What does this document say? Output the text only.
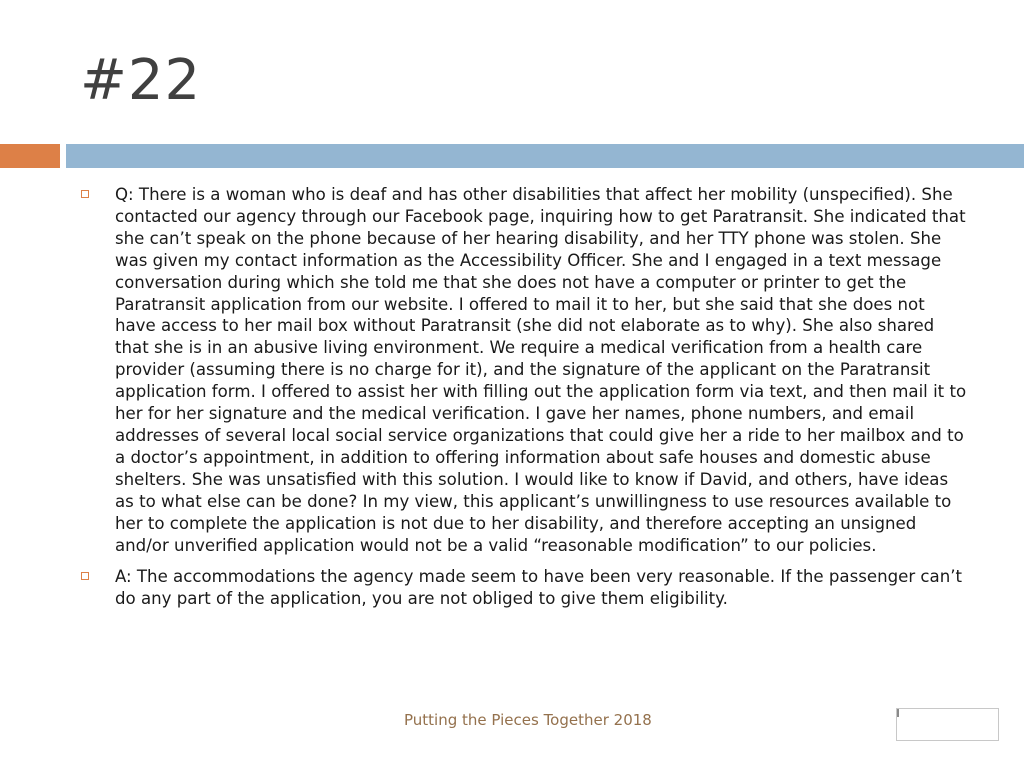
#22
Q: There is a woman who is deaf and has other disabilities that affect her mobility (unspecified). She contacted our agency through our Facebook page, inquiring how to get Paratransit. She indicated that she can’t speak on the phone because of her hearing disability, and her TTY phone was stolen. She was given my contact information as the Accessibility Officer. She and I engaged in a text message conversation during which she told me that she does not have a computer or printer to get the Paratransit application from our website. I offered to mail it to her, but she said that she does not have access to her mail box without Paratransit (she did not elaborate as to why). She also shared that she is in an abusive living environment. We require a medical verification from a health care provider (assuming there is no charge for it), and the signature of the applicant on the Paratransit application form. I offered to assist her with filling out the application form via text, and then mail it to her for her signature and the medical verification. I gave her names, phone numbers, and email addresses of several local social service organizations that could give her a ride to her mailbox and to a doctor’s appointment, in addition to offering information about safe houses and domestic abuse shelters. She was unsatisfied with this solution. I would like to know if David, and others, have ideas as to what else can be done? In my view, this applicant’s unwillingness to use resources available to her to complete the application is not due to her disability, and therefore accepting an unsigned and/or unverified application would not be a valid “reasonable modification” to our policies.
A: The accommodations the agency made seem to have been very reasonable. If the passenger can’t do any part of the application, you are not obliged to give them eligibility.
Putting the Pieces Together 2018
